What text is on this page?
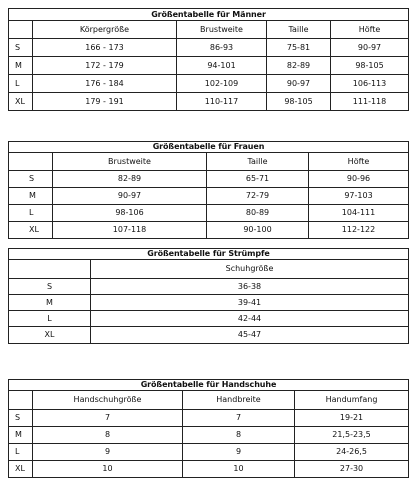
Größentabelle für Männer				
	Körpergröße	Brustweite	Taille	Höfte
S	166 - 173	86-93	75-81	90-97
M	172 - 179	94-101	82-89	98-105
L	176 - 184	102-109	90-97	106-113
XL	179 - 191	110-117	98-105	111-118
Größentabelle für Frauen			
	Brustweite	Taille	Höfte
S	82-89	65-71	90-96
M	90-97	72-79	97-103
L	98-106	80-89	104-111
XL	107-118	90-100	112-122
Größentabelle für Strümpfe	
	Schuhgröße
S	36-38
M	39-41
L	42-44
XL	45-47
Größentabelle für Handschuhe			
	Handschuhgröße	Handbreite	Handumfang
S	7	7	19-21
M	8	8	21,5-23,5
L	9	9	24-26,5
XL	10	10	27-30
